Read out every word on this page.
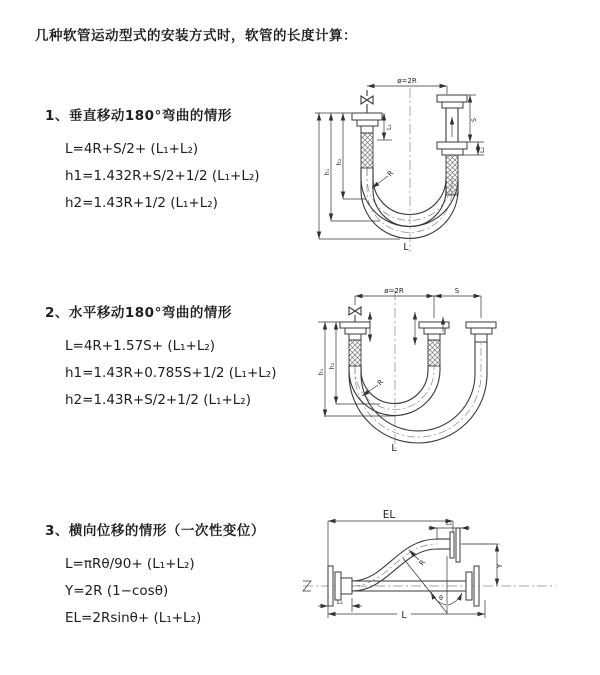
几种软管运动型式的安装方式时，软管的长度计算：
1、垂直移动180°弯曲的情形
L=4R+S/2+ (L₁+L₂)
h1=1.432R+S/2+1/2 (L₁+L₂)
h2=1.43R+1/2 (L₁+L₂)
2、水平移动180°弯曲的情形
L=4R+1.57S+ (L₁+L₂)
h1=1.43R+0.785S+1/2 (L₁+L₂)
h2=1.43R+S/2+1/2 (L₁+L₂)
3、横向位移的情形（一次性变位）
L=πRθ/90+ (L₁+L₂)
Y=2R (1−cosθ)
EL=2Rsinθ+ (L₁+L₂)
ø=2R
L₁
S
L₂
h₁
h₂
R
L
ø=2R	S
h₁
h₂
R
L
θ
R
EL
L₂
Y
L
L₁
